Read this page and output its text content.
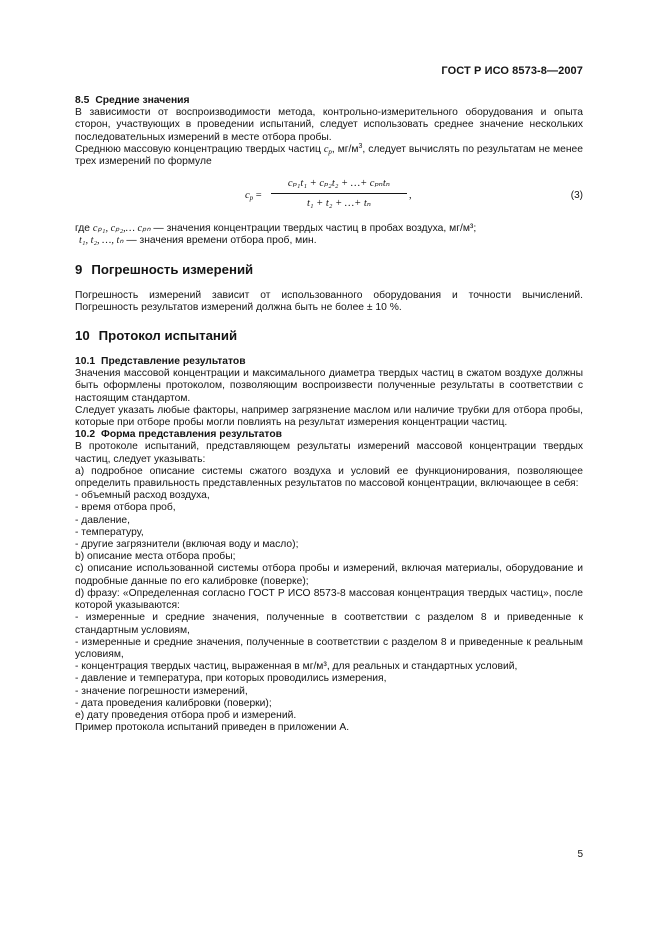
ГОСТ Р ИСО 8573-8—2007

8.5 Средние значения

В зависимости от воспроизводимости метода, контрольно-измерительного оборудования и опыта сторон, участвующих в проведении испытаний, следует использовать среднее значение нескольких последовательных измерений в месте отбора пробы.

Среднюю массовую концентрацию твердых частиц $c_p$, $мг/м^3$, следует вычислять по результатам не менее трех измерений по формуле

$c_p$ =
cₚ₁t₁ + cₚ₂t₂ + …+ cₚₙtₙ
t₁ + t₂ + …+ tₙ
,	(3)
где cₚ₁, cₚ₂,… cₚₙ — значения концентрации твердых частиц в пробах воздуха, мг/м³;
t₁, t₂, …, tₙ — значения времени отбора проб, мин.
9 Погрешность измерений

Погрешность измерений зависит от использованного оборудования и точности вычислений. Погрешность результатов измерений должна быть не более ± 10 %.

10 Протокол испытаний

10.1 Представление результатов

Значения массовой концентрации и максимального диаметра твердых частиц в сжатом воздухе должны быть оформлены протоколом, позволяющим воспроизвести полученные результаты в соответствии с настоящим стандартом.

Следует указать любые факторы, например загрязнение маслом или наличие трубки для отбора пробы, которые при отборе пробы могли повлиять на результат измерения концентрации частиц.

10.2 Форма представления результатов

В протоколе испытаний, представляющем результаты измерений массовой концентрации твердых частиц, следует указывать:

а) подробное описание системы сжатого воздуха и условий ее функционирования, позволяющее определить правильность представленных результатов по массовой концентрации, включающее в себя:

- объемный расход воздуха,

- время отбора проб,

- давление,

- температуру,

- другие загрязнители (включая воду и масло);

b) описание места отбора пробы;

c) описание использованной системы отбора пробы и измерений, включая материалы, оборудование и подробные данные по его калибровке (поверке);

d) фразу: «Определенная согласно ГОСТ Р ИСО 8573-8 массовая концентрация твердых частиц», после которой указываются:

- измеренные и средние значения, полученные в соответствии с разделом 8 и приведенные к стандартным условиям,

- измеренные и средние значения, полученные в соответствии с разделом 8 и приведенные к реальным условиям,

- концентрация твердых частиц, выраженная в мг/м³, для реальных и стандартных условий,

- давление и температура, при которых проводились измерения,

- значение погрешности измерений,

- дата проведения калибровки (поверки);

e) дату проведения отбора проб и измерений.

Пример протокола испытаний приведен в приложении А.

5
